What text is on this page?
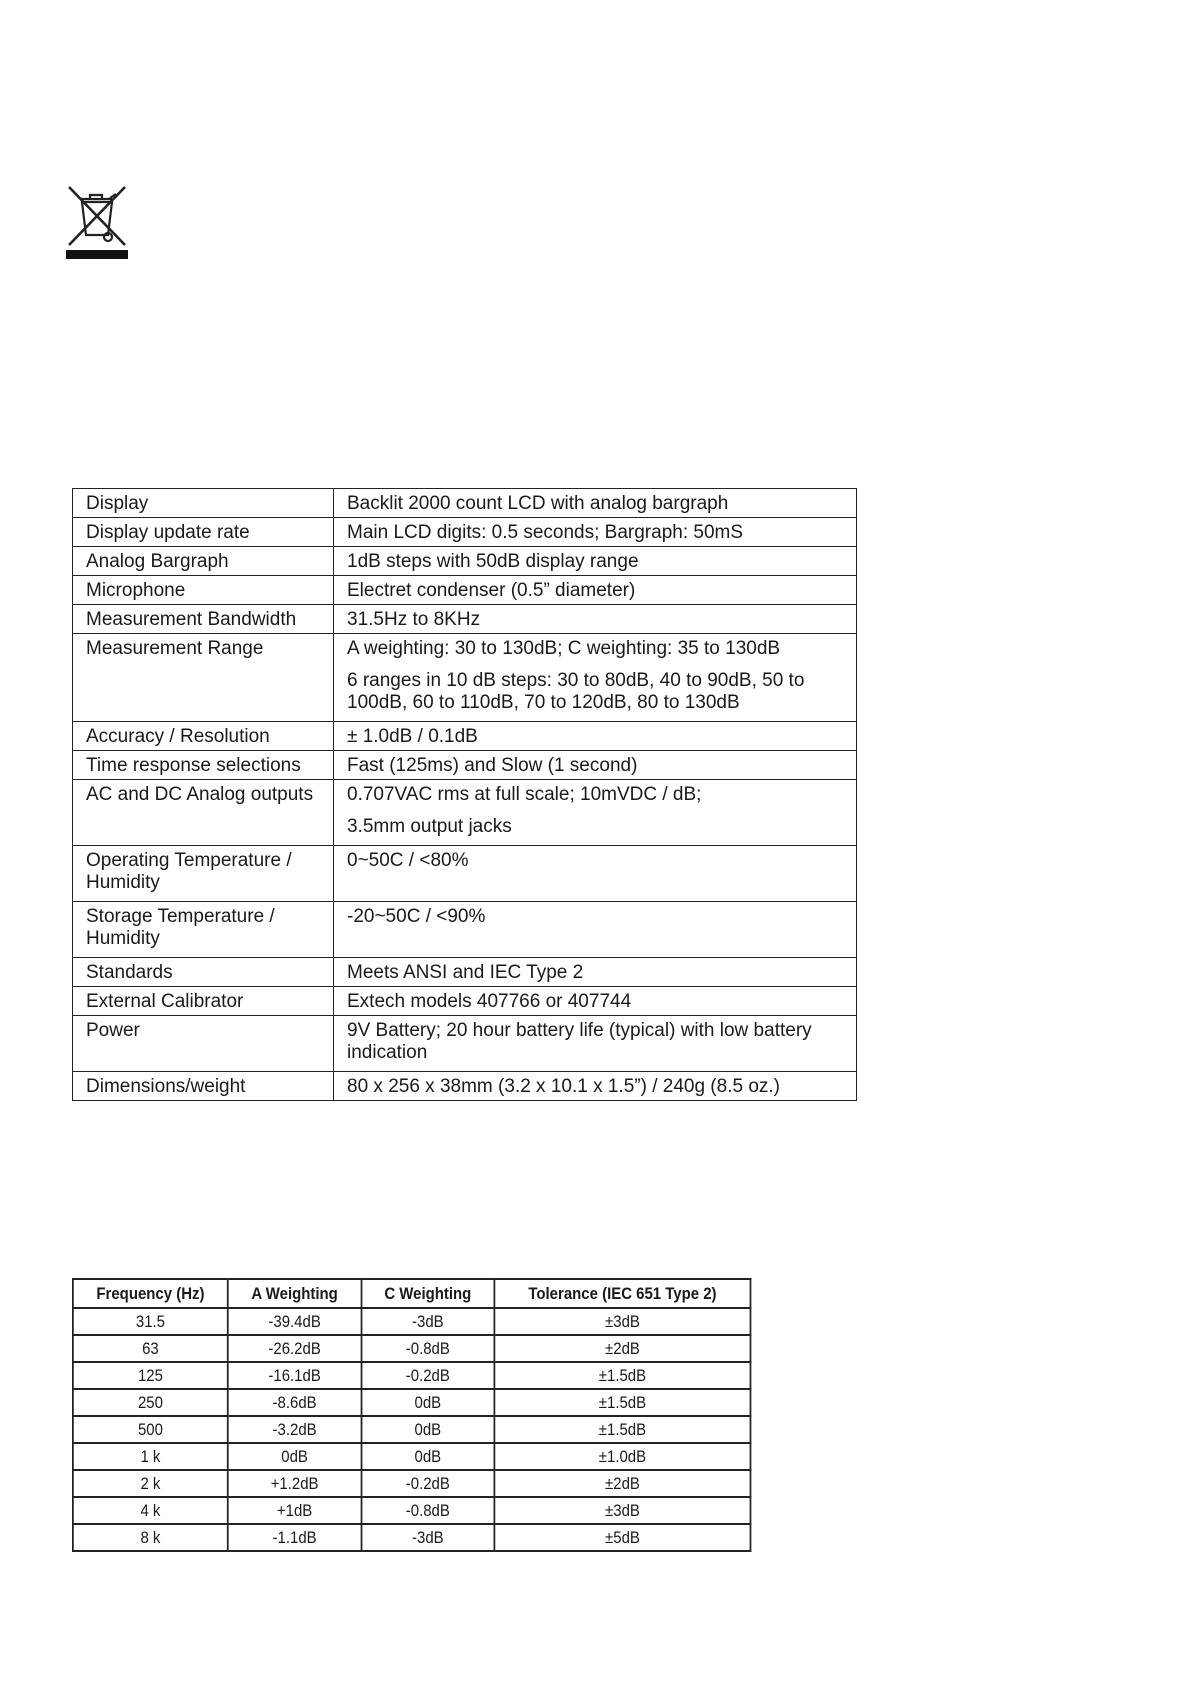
Display	Backlit 2000 count LCD with analog bargraph

Display update rate	Main LCD digits: 0.5 seconds; Bargraph: 50mS

Analog Bargraph	1dB steps with 50dB display range

Microphone	Electret condenser (0.5” diameter)

Measurement Bandwidth	31.5Hz to 8KHz

Measurement Range	A weighting: 30 to 130dB; C weighting: 35 to 130dB
6 ranges in 10 dB steps: 30 to 80dB, 40 to 90dB, 50 to 100dB, 60 to 110dB, 70 to 120dB, 80 to 130dB

Accuracy / Resolution	± 1.0dB / 0.1dB

Time response selections	Fast (125ms) and Slow (1 second)

AC and DC Analog outputs	0.707VAC rms at full scale; 10mVDC / dB;
3.5mm output jacks

Operating Temperature / Humidity	0~50C / <80%

Storage Temperature / Humidity	-20~50C / <90%

Standards	Meets ANSI and IEC Type 2

External Calibrator	Extech models 407766 or 407744

Power	9V Battery; 20 hour battery life (typical) with low battery indication

Dimensions/weight	80 x 256 x 38mm (3.2 x 10.1 x 1.5”) / 240g (8.5 oz.)
Frequency (Hz)	A Weighting	C Weighting	Tolerance (IEC 651 Type 2)
31.5	-39.4dB	-3dB	±3dB
63	-26.2dB	-0.8dB	±2dB
125	-16.1dB	-0.2dB	±1.5dB
250	-8.6dB	0dB	±1.5dB
500	-3.2dB	0dB	±1.5dB
1 k	0dB	0dB	±1.0dB
2 k	+1.2dB	-0.2dB	±2dB
4 k	+1dB	-0.8dB	±3dB
8 k	-1.1dB	-3dB	±5dB
